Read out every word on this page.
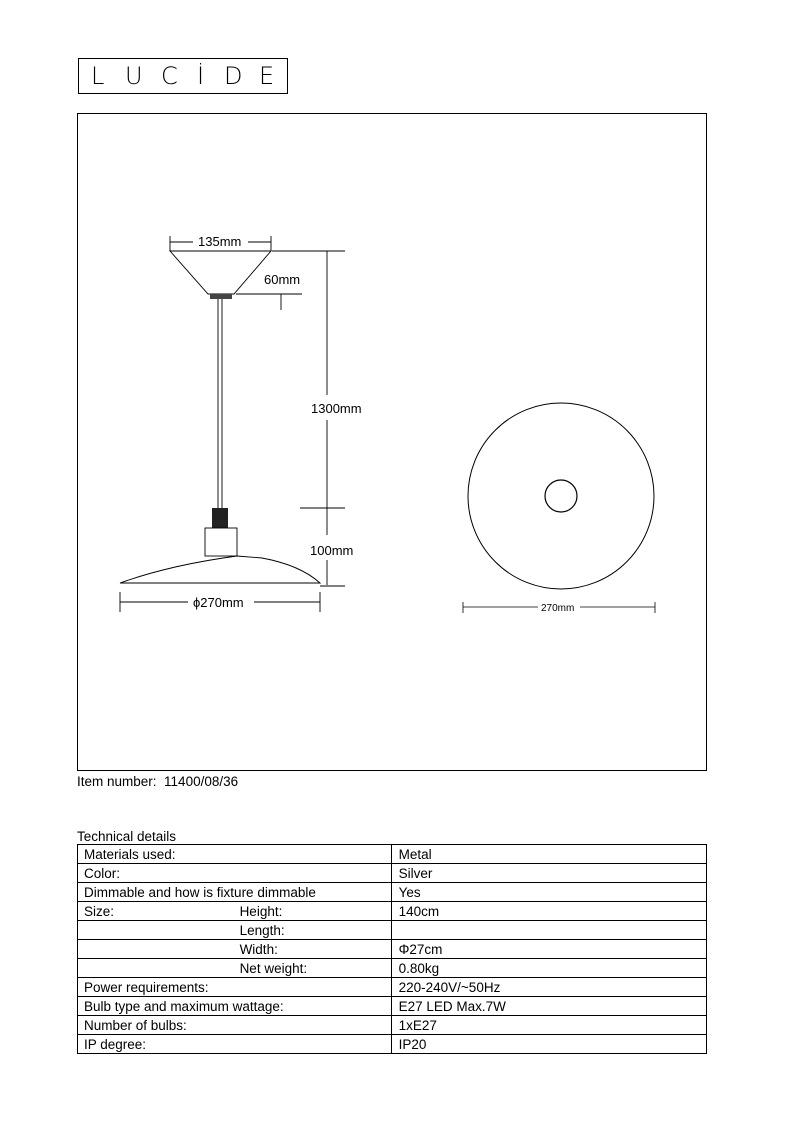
L U C İ D E
135mm
60mm
1300mm
100mm
ϕ270mm	270mm
Item number: 11400/08/36
Technical details
Materials used:		Metal
Color:		Silver
Dimmable and how is fixture dimmable		Yes
Size:	Height:	140cm
	Length:	
	Width:	Φ27cm
	Net weight:	0.80kg
Power requirements:		220-240V/~50Hz
Bulb type and maximum wattage:		E27 LED Max.7W
Number of bulbs:		1xE27
IP degree:		IP20
